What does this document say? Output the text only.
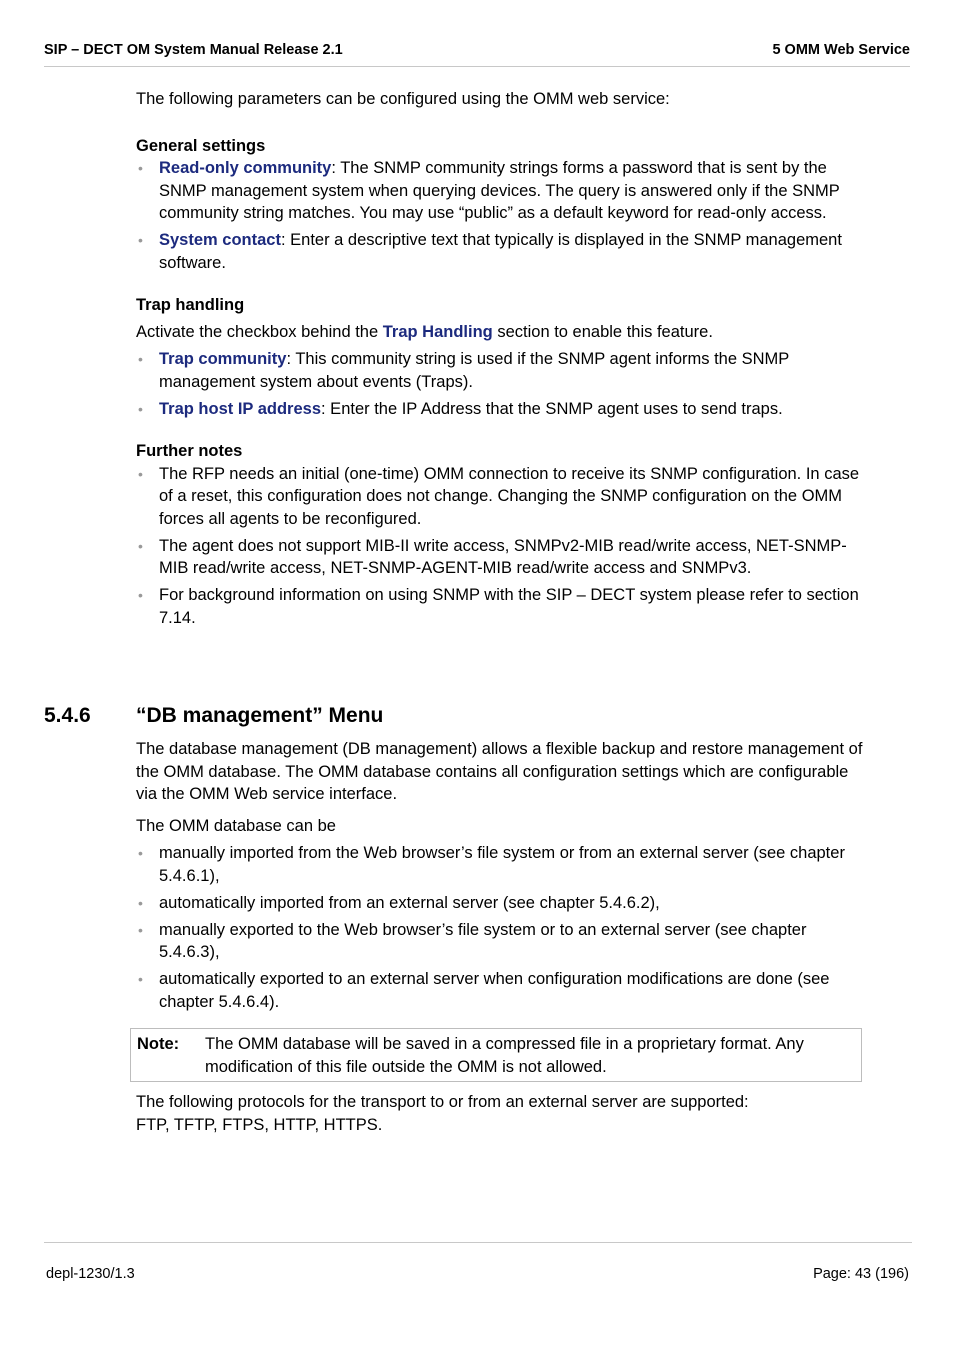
SIP – DECT OM System Manual Release 2.1	5 OMM Web Service

The following parameters can be configured using the OMM web service:

General settings

• Read-only community: The SNMP community strings forms a password that is sent by the SNMP management system when querying devices. The query is answered only if the SNMP community string matches. You may use “public” as a default keyword for read-only access.
• System contact: Enter a descriptive text that typically is displayed in the SNMP management software.

Trap handling

Activate the checkbox behind the Trap Handling section to enable this feature.

• Trap community: This community string is used if the SNMP agent informs the SNMP management system about events (Traps).
• Trap host IP address: Enter the IP Address that the SNMP agent uses to send traps.

Further notes

• The RFP needs an initial (one-time) OMM connection to receive its SNMP configuration. In case of a reset, this configuration does not change. Changing the SNMP configuration on the OMM forces all agents to be reconfigured.
• The agent does not support MIB-II write access, SNMPv2-MIB read/write access, NET-SNMP-MIB read/write access, NET-SNMP-AGENT-MIB read/write access and SNMPv3.
• For background information on using SNMP with the SIP – DECT system please refer to section 7.14.
5.4.6 “DB management” Menu

The database management (DB management) allows a flexible backup and restore management of the OMM database. The OMM database contains all configuration settings which are configurable via the OMM Web service interface.

The OMM database can be

• manually imported from the Web browser’s file system or from an external server (see chapter 5.4.6.1),
• automatically imported from an external server (see chapter 5.4.6.2),
• manually exported to the Web browser’s file system or to an external server (see chapter 5.4.6.3),
• automatically exported to an external server when configuration modifications are done (see chapter 5.4.6.4).
Note:	The OMM database will be saved in a compressed file in a proprietary format. Any modification of this file outside the OMM is not allowed.

The following protocols for the transport to or from an external server are supported:

FTP, TFTP, FTPS, HTTP, HTTPS.

depl-1230/1.3	Page: 43 (196)
